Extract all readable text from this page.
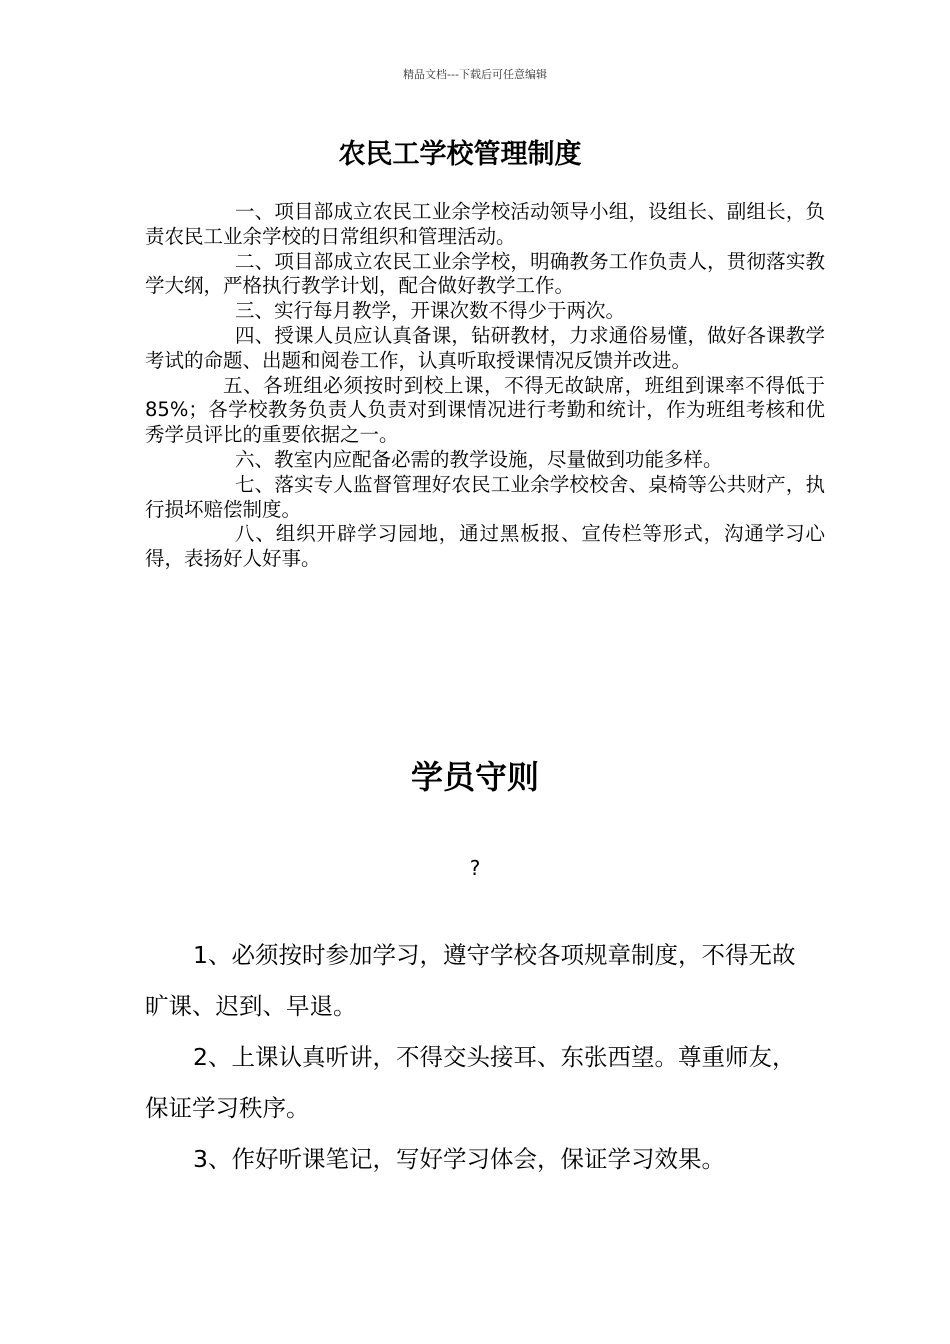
精品文档---下载后可任意编辑
农民工学校管理制度

一、项目部成立农民工业余学校活动领导小组，设组长、副组长，负责农民工业余学校的日常组织和管理活动。

二、项目部成立农民工业余学校，明确教务工作负责人，贯彻落实教学大纲，严格执行教学计划，配合做好教学工作。

三、实行每月教学，开课次数不得少于两次。

四、授课人员应认真备课，钻研教材，力求通俗易懂，做好各课教学考试的命题、出题和阅卷工作，认真听取授课情况反馈并改进。

五、各班组必须按时到校上课，不得无故缺席，班组到课率不得低于85%；各学校教务负责人负责对到课情况进行考勤和统计，作为班组考核和优秀学员评比的重要依据之一。

六、教室内应配备必需的教学设施，尽量做到功能多样。

七、落实专人监督管理好农民工业余学校校舍、桌椅等公共财产，执行损坏赔偿制度。

八、组织开辟学习园地，通过黑板报、宣传栏等形式，沟通学习心得，表扬好人好事。

学员守则
?

1、必须按时参加学习，遵守学校各项规章制度，不得无故旷课、迟到、早退。

2、上课认真听讲，不得交头接耳、东张西望。尊重师友，保证学习秩序。

3、作好听课笔记，写好学习体会，保证学习效果。
